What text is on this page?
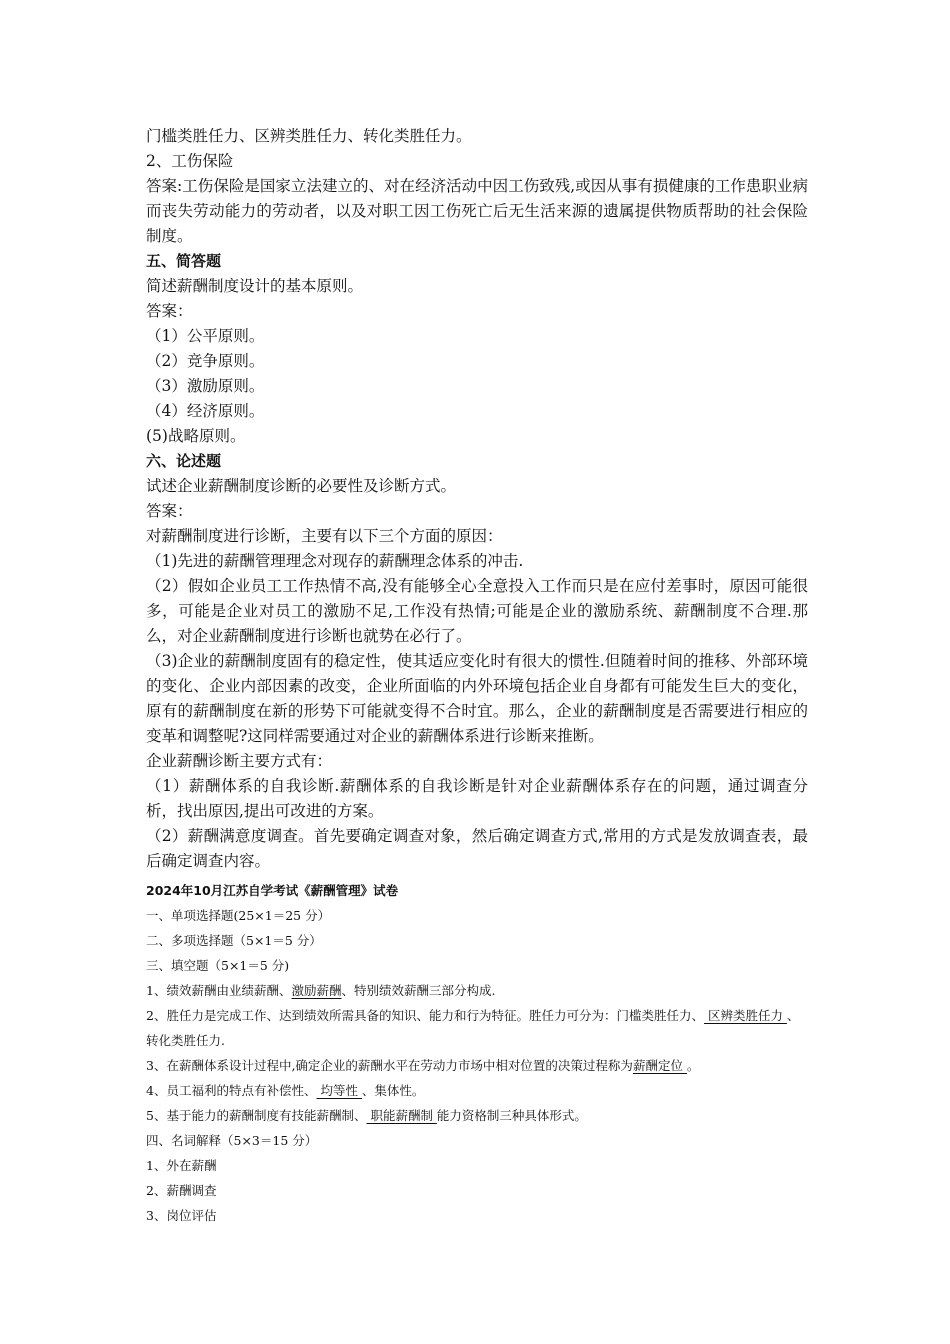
门槛类胜任力、区辨类胜任力、转化类胜任力。

2、工伤保险

答案:工伤保险是国家立法建立的、对在经济活动中因工伤致残,或因从事有损健康的工作患职业病而丧失劳动能力的劳动者，以及对职工因工伤死亡后无生活来源的遗属提供物质帮助的社会保险制度。

五、简答题

简述薪酬制度设计的基本原则。

答案：

（1）公平原则。

（2）竞争原则。

（3）激励原则。

（4）经济原则。

(5)战略原则。

六、论述题

试述企业薪酬制度诊断的必要性及诊断方式。

答案：

对薪酬制度进行诊断，主要有以下三个方面的原因：

（1)先进的薪酬管理理念对现存的薪酬理念体系的冲击.

（2）假如企业员工工作热情不高,没有能够全心全意投入工作而只是在应付差事时，原因可能很多，可能是企业对员工的激励不足,工作没有热情;可能是企业的激励系统、薪酬制度不合理.那么，对企业薪酬制度进行诊断也就势在必行了。

（3)企业的薪酬制度固有的稳定性，使其适应变化时有很大的惯性.但随着时间的推移、外部环境的变化、企业内部因素的改变，企业所面临的内外环境包括企业自身都有可能发生巨大的变化，原有的薪酬制度在新的形势下可能就变得不合时宜。那么，企业的薪酬制度是否需要进行相应的变革和调整呢?这同样需要通过对企业的薪酬体系进行诊断来推断。

企业薪酬诊断主要方式有：

（1）薪酬体系的自我诊断.薪酬体系的自我诊断是针对企业薪酬体系存在的问题，通过调查分析，找出原因,提出可改进的方案。

（2）薪酬满意度调查。首先要确定调查对象，然后确定调查方式,常用的方式是发放调查表，最后确定调查内容。

2024年10月江苏自学考试《薪酬管理》试卷

一、单项选择题(25×1＝25 分）

二、多项选择题（5×1＝5 分）

三、填空题（5×1＝5 分)

1、绩效薪酬由业绩薪酬、激励薪酬、特别绩效薪酬三部分构成.

2、胜任力是完成工作、达到绩效所需具备的知识、能力和行为特征。胜任力可分为：门槛类胜任力、 区辨类胜任力 、转化类胜任力.

3、在薪酬体系设计过程中,确定企业的薪酬水平在劳动力市场中相对位置的决策过程称为薪酬定位 。

4、员工福利的特点有补偿性、 均等性 、集体性。

5、基于能力的薪酬制度有技能薪酬制、 职能薪酬制 能力资格制三种具体形式。

四、名词解释（5×3＝15 分）

1、外在薪酬

2、薪酬调查

3、岗位评估
